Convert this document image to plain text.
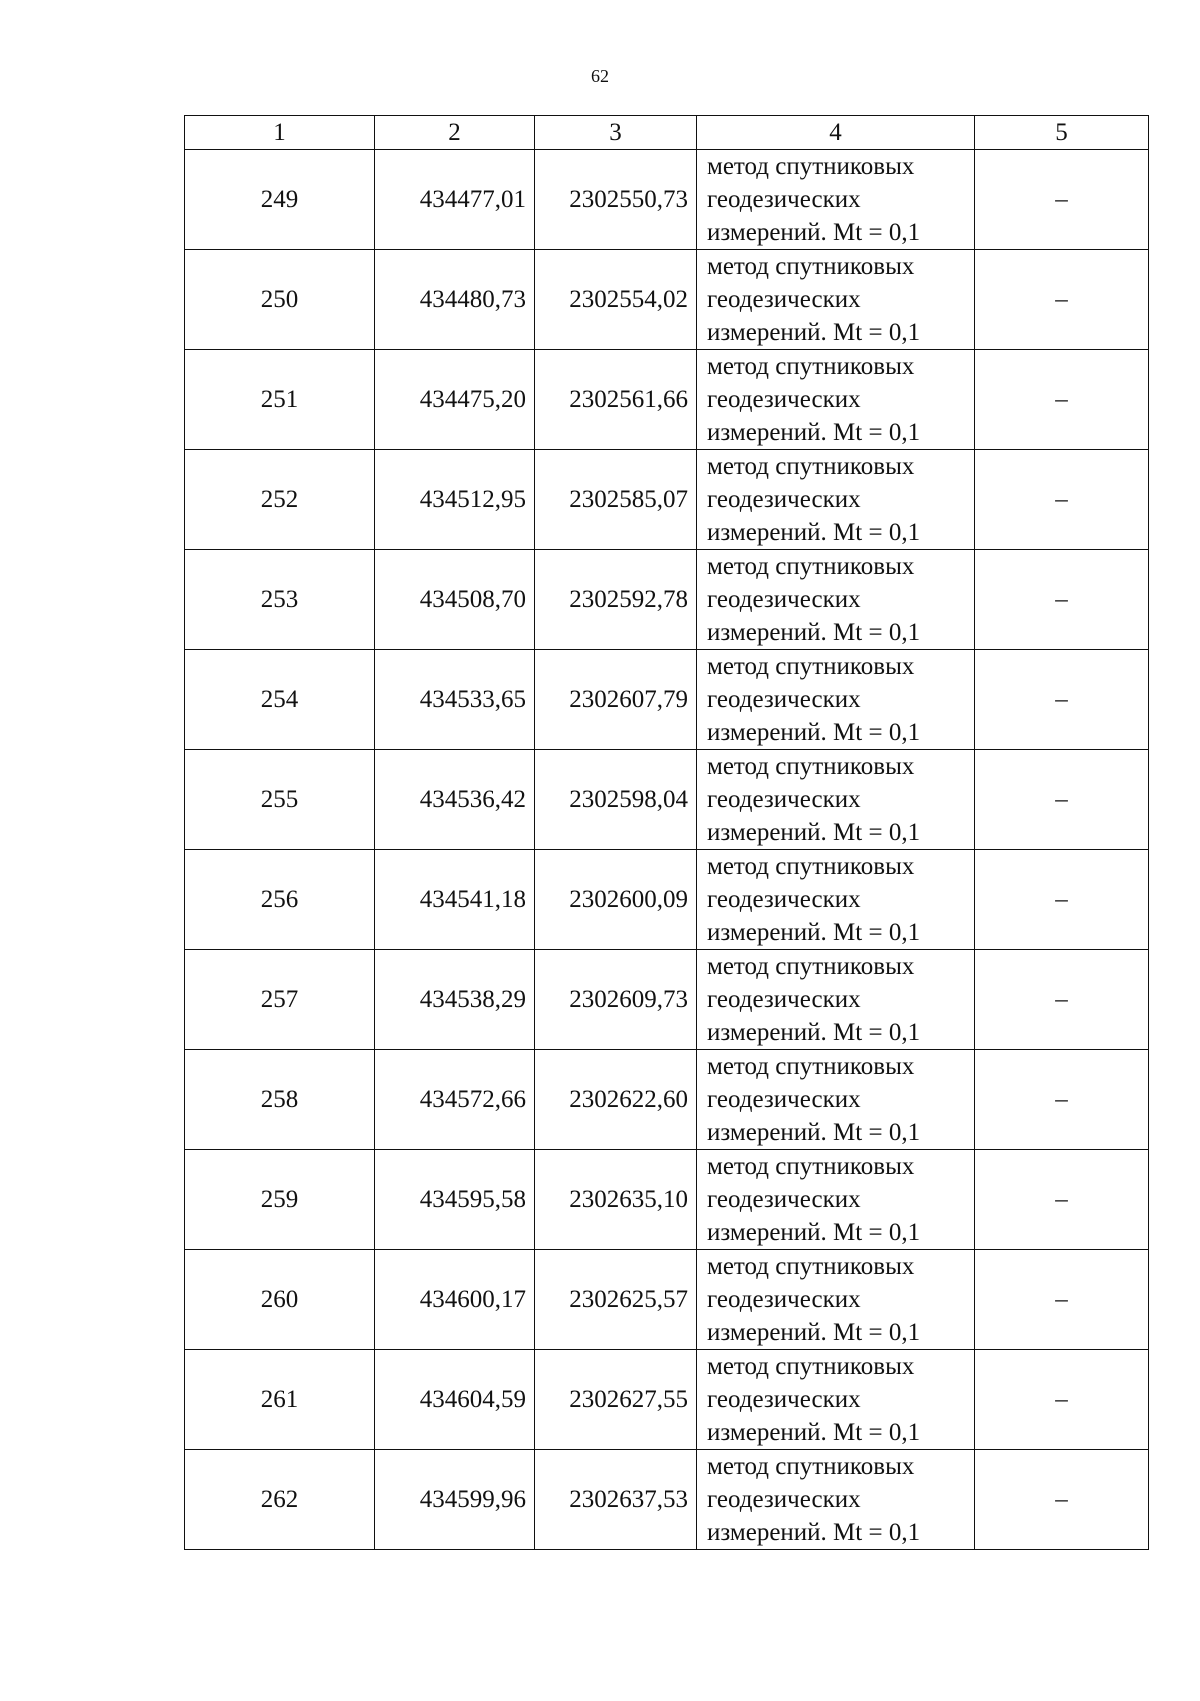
62
1	2	3	4	5
249	434477,01	2302550,73	метод спутниковых
геодезических
измерений. Mt = 0,1	–
250	434480,73	2302554,02	метод спутниковых
геодезических
измерений. Mt = 0,1	–
251	434475,20	2302561,66	метод спутниковых
геодезических
измерений. Mt = 0,1	–
252	434512,95	2302585,07	метод спутниковых
геодезических
измерений. Mt = 0,1	–
253	434508,70	2302592,78	метод спутниковых
геодезических
измерений. Mt = 0,1	–
254	434533,65	2302607,79	метод спутниковых
геодезических
измерений. Mt = 0,1	–
255	434536,42	2302598,04	метод спутниковых
геодезических
измерений. Mt = 0,1	–
256	434541,18	2302600,09	метод спутниковых
геодезических
измерений. Mt = 0,1	–
257	434538,29	2302609,73	метод спутниковых
геодезических
измерений. Mt = 0,1	–
258	434572,66	2302622,60	метод спутниковых
геодезических
измерений. Mt = 0,1	–
259	434595,58	2302635,10	метод спутниковых
геодезических
измерений. Mt = 0,1	–
260	434600,17	2302625,57	метод спутниковых
геодезических
измерений. Mt = 0,1	–
261	434604,59	2302627,55	метод спутниковых
геодезических
измерений. Mt = 0,1	–
262	434599,96	2302637,53	метод спутниковых
геодезических
измерений. Mt = 0,1	–
